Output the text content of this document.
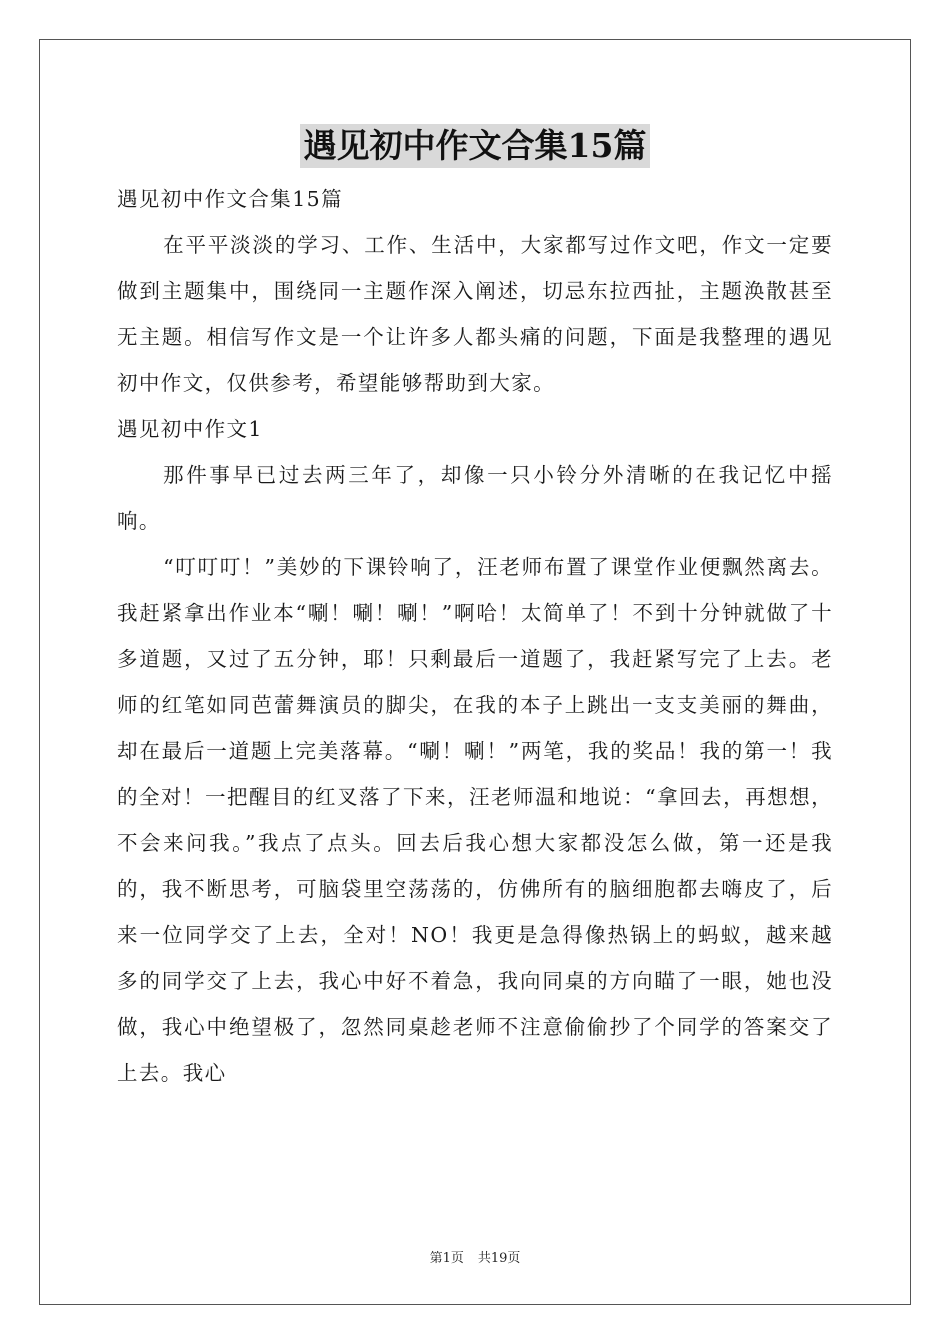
遇见初中作文合集15篇

遇见初中作文合集15篇

在平平淡淡的学习、工作、生活中，大家都写过作文吧，作文一定要做到主题集中，围绕同一主题作深入阐述，切忌东拉西扯，主题涣散甚至无主题。相信写作文是一个让许多人都头痛的问题，下面是我整理的遇见初中作文，仅供参考，希望能够帮助到大家。

遇见初中作文1

那件事早已过去两三年了，却像一只小铃分外清晰的在我记忆中摇响。

“叮叮叮！”美妙的下课铃响了，汪老师布置了课堂作业便飘然离去。我赶紧拿出作业本“唰！唰！唰！”啊哈！太简单了！不到十分钟就做了十多道题，又过了五分钟，耶！只剩最后一道题了，我赶紧写完了上去。老师的红笔如同芭蕾舞演员的脚尖，在我的本子上跳出一支支美丽的舞曲，却在最后一道题上完美落幕。“唰！唰！”两笔，我的奖品！我的第一！我的全对！一把醒目的红叉落了下来，汪老师温和地说：“拿回去，再想想，不会来问我。”我点了点头。回去后我心想大家都没怎么做，第一还是我的，我不断思考，可脑袋里空荡荡的，仿佛所有的脑细胞都去嗨皮了，后来一位同学交了上去，全对！NO！我更是急得像热锅上的蚂蚁，越来越多的同学交了上去，我心中好不着急，我向同桌的方向瞄了一眼，她也没做，我心中绝望极了，忽然同桌趁老师不注意偷偷抄了个同学的答案交了上去。我心

第1页 共19页
